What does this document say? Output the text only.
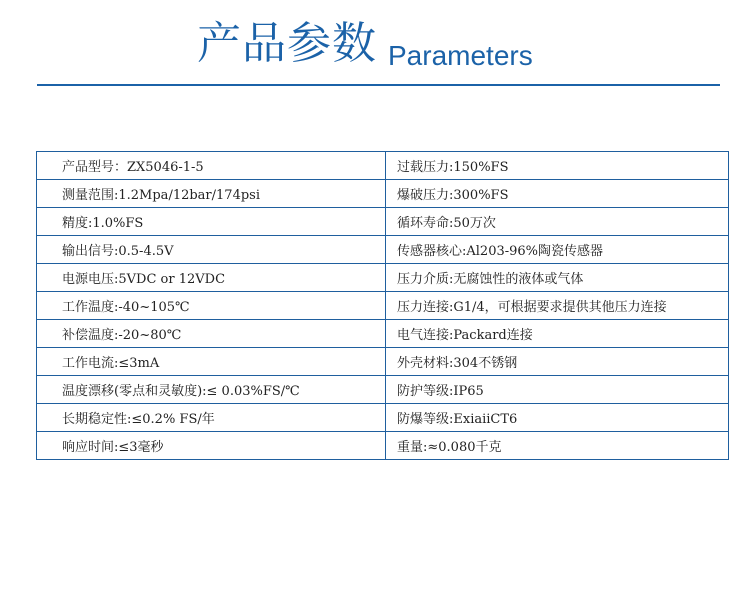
产品参数 Parameters
产品型号：ZX5046-1-5	过载压力:150%FS
测量范围:1.2Mpa/12bar/174psi	爆破压力:300%FS
精度:1.0%FS	循环寿命:50万次
输出信号:0.5-4.5V	传感器核心:Al203-96%陶瓷传感器
电源电压:5VDC or 12VDC	压力介质:无腐蚀性的液体或气体
工作温度:-40~105℃	压力连接:G1/4，可根据要求提供其他压力连接
补偿温度:-20~80℃	电气连接:Packard连接
工作电流:≤3mA	外壳材料:304不锈钢
温度漂移(零点和灵敏度):≤ 0.03%FS/℃	防护等级:IP65
长期稳定性:≤0.2% FS/年	防爆等级:ExiaⅱCT6
响应时间:≤3毫秒	重量:≈0.080千克
